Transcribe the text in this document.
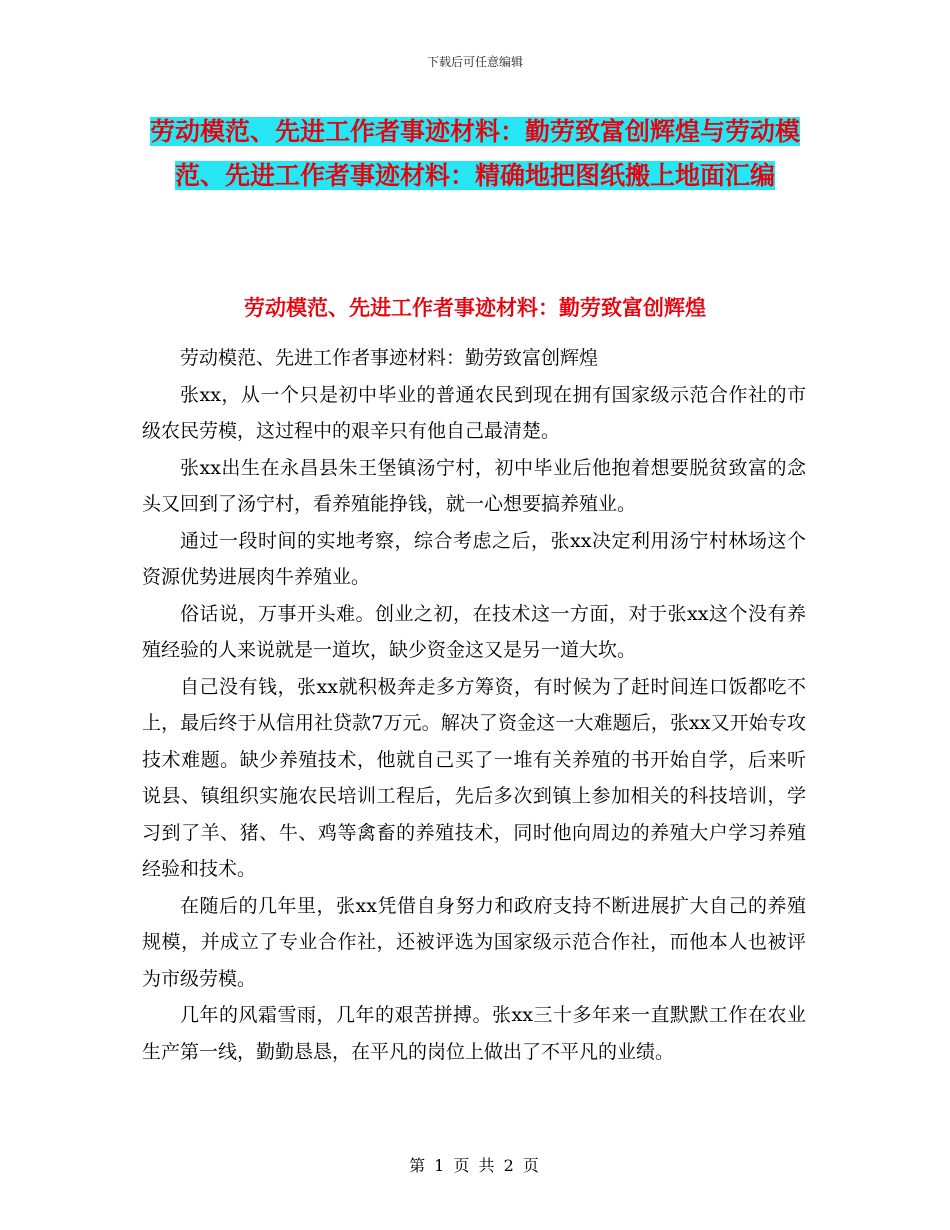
下载后可任意编辑
劳动模范、先进工作者事迹材料：勤劳致富创辉煌与劳动模范、先进工作者事迹材料：精确地把图纸搬上地面汇编
劳动模范、先进工作者事迹材料：勤劳致富创辉煌

劳动模范、先进工作者事迹材料：勤劳致富创辉煌

张xx，从一个只是初中毕业的普通农民到现在拥有国家级示范合作社的市级农民劳模，这过程中的艰辛只有他自己最清楚。

张xx出生在永昌县朱王堡镇汤宁村，初中毕业后他抱着想要脱贫致富的念头又回到了汤宁村，看养殖能挣钱，就一心想要搞养殖业。

通过一段时间的实地考察，综合考虑之后，张xx决定利用汤宁村林场这个资源优势进展肉牛养殖业。

俗话说，万事开头难。创业之初，在技术这一方面，对于张xx这个没有养殖经验的人来说就是一道坎，缺少资金这又是另一道大坎。

自己没有钱，张xx就积极奔走多方筹资，有时候为了赶时间连口饭都吃不上，最后终于从信用社贷款7万元。解决了资金这一大难题后，张xx又开始专攻技术难题。缺少养殖技术，他就自己买了一堆有关养殖的书开始自学，后来听说县、镇组织实施农民培训工程后，先后多次到镇上参加相关的科技培训，学习到了羊、猪、牛、鸡等禽畜的养殖技术，同时他向周边的养殖大户学习养殖经验和技术。

在随后的几年里，张xx凭借自身努力和政府支持不断进展扩大自己的养殖规模，并成立了专业合作社，还被评选为国家级示范合作社，而他本人也被评为市级劳模。

几年的风霜雪雨，几年的艰苦拼搏。张xx三十多年来一直默默工作在农业生产第一线，勤勤恳恳，在平凡的岗位上做出了不平凡的业绩。

第 1 页 共 2 页
